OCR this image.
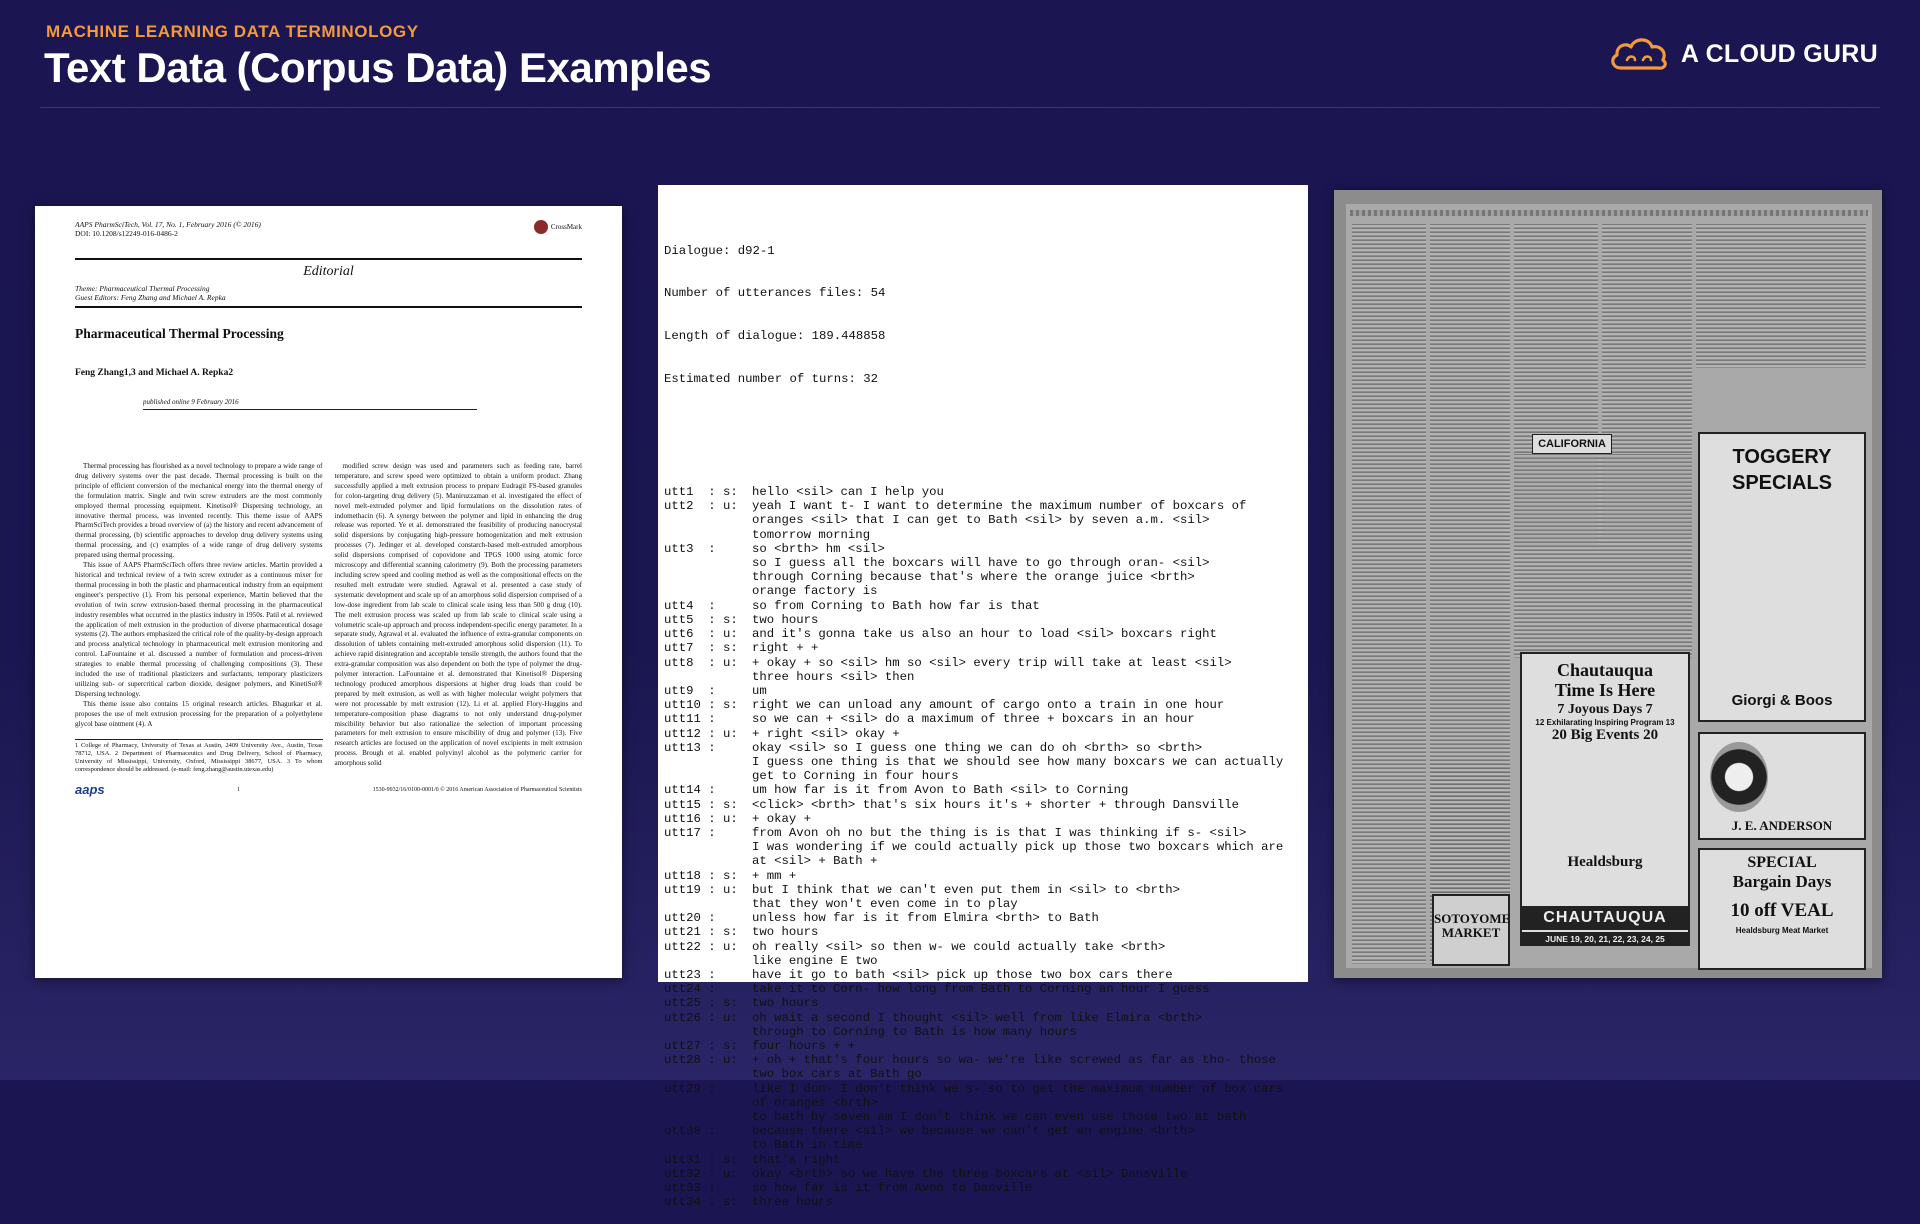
MACHINE LEARNING DATA TERMINOLOGY
Text Data (Corpus Data) Examples	A CLOUD GURU
AAPS PharmSciTech, Vol. 17, No. 1, February 2016 (© 2016)
DOI: 10.1208/s12249-016-0486-2
CrossMark
Editorial
Theme: Pharmaceutical Thermal Processing
Guest Editors: Feng Zhang and Michael A. Repka
Pharmaceutical Thermal Processing
Feng Zhang1,3 and Michael A. Repka2
published online 9 February 2016

Thermal processing has flourished as a novel technology to prepare a wide range of drug delivery systems over the past decade. Thermal processing is built on the principle of efficient conversion of the mechanical energy into the thermal energy of the formulation matrix. Single and twin screw extruders are the most commonly employed thermal processing equipment. Kinetisol® Dispersing technology, an innovative thermal process, was invented recently. This theme issue of AAPS PharmSciTech provides a broad overview of (a) the history and recent advancement of thermal processing, (b) scientific approaches to develop drug delivery systems using thermal processing, and (c) examples of a wide range of drug delivery systems prepared using thermal processing.

This issue of AAPS PharmSciTech offers three review articles. Martin provided a historical and technical review of a twin screw extruder as a continuous mixer for thermal processing in both the plastic and pharmaceutical industry from an equipment engineer's perspective (1). From his personal experience, Martin believed that the evolution of twin screw extrusion-based thermal processing in the pharmaceutical industry resembles what occurred in the plastics industry in 1950s. Patil et al. reviewed the application of melt extrusion in the production of diverse pharmaceutical dosage systems (2). The authors emphasized the critical role of the quality-by-design approach and process analytical technology in pharmaceutical melt extrusion monitoring and control. LaFountaine et al. discussed a number of formulation and process-driven strategies to enable thermal processing of challenging compositions (3). These included the use of traditional plasticizers and surfactants, temporary plasticizers utilizing sub- or supercritical carbon dioxide, designer polymers, and KinetiSol® Dispersing technology.

This theme issue also contains 15 original research articles. Bhagurkar et al. proposes the use of melt extrusion processing for the preparation of a polyethylene glycol base ointment (4). A

1 College of Pharmacy, University of Texas at Austin, 2409 University Ave., Austin, Texas 78712, USA. 2 Department of Pharmaceutics and Drug Delivery, School of Pharmacy, University of Mississippi, University, Oxford, Mississippi 38677, USA. 3 To whom correspondence should be addressed. (e-mail: feng.zhang@austin.utexas.edu)

modified screw design was used and parameters such as feeding rate, barrel temperature, and screw speed were optimized to obtain a uniform product. Zhang successfully applied a melt extrusion process to prepare Eudragit FS-based granules for colon-targeting drug delivery (5). Maniruzzaman et al. investigated the effect of novel melt-extruded polymer and lipid formulations on the dissolution rates of indomethacin (6). A synergy between the polymer and lipid in enhancing the drug release was reported. Ye et al. demonstrated the feasibility of producing nanocrystal solid dispersions by conjugating high-pressure homogenization and melt extrusion processes (7). Jedinger et al. developed constarch-based melt-extruded amorphous solid dispersions comprised of copovidone and TPGS 1000 using atomic force microscopy and differential scanning calorimetry (9). Both the processing parameters including screw speed and cooling method as well as the compositional effects on the resulted melt extrudate were studied. Agrawal et al. presented a case study of systematic development and scale up of an amorphous solid dispersion comprised of a low-dose ingredient from lab scale to clinical scale using less than 500 g drug (10). The melt extrusion process was scaled up from lab scale to clinical scale using a volumetric scale-up approach and process independent-specific energy parameter. In a separate study, Agrawal et al. evaluated the influence of extra-granular components on dissolution of tablets containing melt-extruded amorphous solid dispersion (11). To achieve rapid disintegration and acceptable tensile strength, the authors found that the extra-granular composition was also dependent on both the type of polymer the drug-polymer interaction. LaFountaine et al. demonstrated that Kinetisol® Dispersing technology produced amorphous dispersions at higher drug loads than could be prepared by melt extrusion, as well as with higher molecular weight polymers that were not processable by melt extrusion (12). Li et al. applied Flory-Huggins and temperature-composition phase diagrams to not only understand drug-polymer miscibility behavior but also rationalize the selection of important processing parameters for melt extrusion to ensure miscibility of drug and polymer (13). Five research articles are focused on the application of novel excipients in melt extrusion process. Brough et al. enabled polyvinyl alcohol as the polymeric carrier for amorphous solid

aaps	1	1530-9932/16/0100-0001/0 © 2016 American Association of Pharmaceutical Scientists

Dialogue: d92-1

Number of utterances files: 54

Length of dialogue: 189.448858

Estimated number of turns: 32

utt1  : s:	hello <sil> can I help you
utt2  : u:	yeah I want t- I want to determine the maximum number of boxcars of
oranges <sil> that I can get to Bath <sil> by seven a.m. <sil>
tomorrow morning
utt3  :	so <brth> hm <sil>
so I guess all the boxcars will have to go through oran- <sil>
through Corning because that's where the orange juice <brth>
orange factory is
utt4  :	so from Corning to Bath how far is that
utt5  : s:	two hours
utt6  : u:	and it's gonna take us also an hour to load <sil> boxcars right
utt7  : s:	right + +
utt8  : u:	+ okay + so <sil> hm so <sil> every trip will take at least <sil>
three hours <sil> then
utt9  :	um
utt10 : s:	right we can unload any amount of cargo onto a train in one hour
utt11 :	so we can + <sil> do a maximum of three + boxcars in an hour
utt12 : u:	+ right <sil> okay +
utt13 :	okay <sil> so I guess one thing we can do oh <brth> so <brth>
I guess one thing is that we should see how many boxcars we can actually
get to Corning in four hours
utt14 :	um how far is it from Avon to Bath <sil> to Corning
utt15 : s:	<click> <brth> that's six hours it's + shorter + through Dansville
utt16 : u:	+ okay +
utt17 :	from Avon oh no but the thing is is that I was thinking if s- <sil>
I was wondering if we could actually pick up those two boxcars which are
at <sil> + Bath +
utt18 : s:	+ mm +
utt19 : u:	but I think that we can't even put them in <sil> to <brth>
that they won't even come in to play
utt20 :	unless how far is it from Elmira <brth> to Bath
utt21 : s:	two hours
utt22 : u:	oh really <sil> so then w- we could actually take <brth>
like engine E two
utt23 :	have it go to bath <sil> pick up those two box cars there
utt24 :	take it to Corn- how long from Bath to Corning an hour I guess
utt25 : s:	two hours
utt26 : u:	oh wait a second I thought <sil> well from like Elmira <brth>
through to Corning to Bath is how many hours
utt27 : s:	four hours + +
utt28 : u:	+ oh + that's four hours so wa- we're like screwed as far as tho- those
two box cars at Bath go
utt29 :	like I don- I don't think we s- so to get the maximum number of box cars
of oranges <brth>
to bath by seven am I don't think we can even use those two at bath
utt30 :	because there <sil> we because we can't get an engine <brth>
to Bath in time
utt31 : s:	that's right
utt32 : u:	okay <brth> so we have the three boxcars at <sil> Dansville
utt33 :	so how far is it from Avon to Danville
utt34 : s:	three hours

CALIFORNIA
TOGGERY SPECIALS
Giorgi & Boos
Chautauqua Time Is Here
7 Joyous Days 7
12 Exhilarating Inspiring Program 13
20 Big Events 20
Healdsburg
CHAUTAUQUA
JUNE 19, 20, 21, 22, 23, 24, 25
J. E. ANDERSON
SPECIAL
Bargain Days
10 off VEAL
Healdsburg Meat Market
SOTOYOME MARKET
